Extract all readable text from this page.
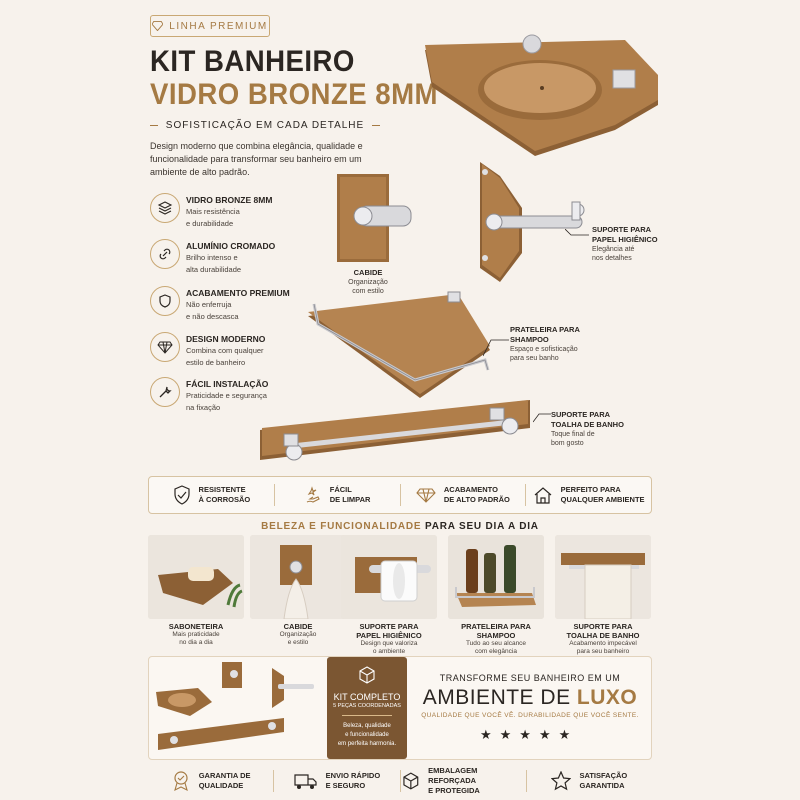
LINHA PREMIUM
KIT BANHEIRO
VIDRO BRONZE 8MM
SOFISTICAÇÃO EM CADA DETALHE
Design moderno que combina elegância, qualidade e funcionalidade para transformar seu banheiro em um ambiente de alto padrão.
VIDRO BRONZE 8MM
Mais resistência
e durabilidade
ALUMÍNIO CROMADO
Brilho intenso e
alta durabilidade
ACABAMENTO PREMIUM
Não enferruja
e não descasca
DESIGN MODERNO
Combina com qualquer
estilo de banheiro
FÁCIL INSTALAÇÃO
Praticidade e segurança
na fixação
CABIDE
Organização
com estilo
SUPORTE PARA
PAPEL HIGIÊNICO
Elegância até
nos detalhes
PRATELEIRA PARA
SHAMPOO
Espaço e sofisticação
para seu banho
SUPORTE PARA
TOALHA DE BANHO
Toque final de
bom gosto
RESISTENTE
À CORROSÃO
FÁCIL
DE LIMPAR
ACABAMENTO
DE ALTO PADRÃO
PERFEITO PARA
QUALQUER AMBIENTE
BELEZA E FUNCIONALIDADE PARA SEU DIA A DIA
SABONETEIRA
Mais praticidade
no dia a dia
CABIDE
Organização
e estilo
SUPORTE PARA
PAPEL HIGIÊNICO
Design que valoriza
o ambiente
PRATELEIRA PARA
SHAMPOO
Tudo ao seu alcance
com elegância
SUPORTE PARA
TOALHA DE BANHO
Acabamento impecável
para seu banheiro
KIT COMPLETO
5 PEÇAS COORDENADAS
Beleza, qualidade
e funcionalidade
em perfeita harmonia.
TRANSFORME SEU BANHEIRO EM UM
AMBIENTE DE LUXO
QUALIDADE QUE VOCÊ VÊ. DURABILIDADE QUE VOCÊ SENTE.
★★★★★
GARANTIA DE
QUALIDADE
ENVIO RÁPIDO
E SEGURO
EMBALAGEM REFORÇADA
E PROTEGIDA
SATISFAÇÃO
GARANTIDA
